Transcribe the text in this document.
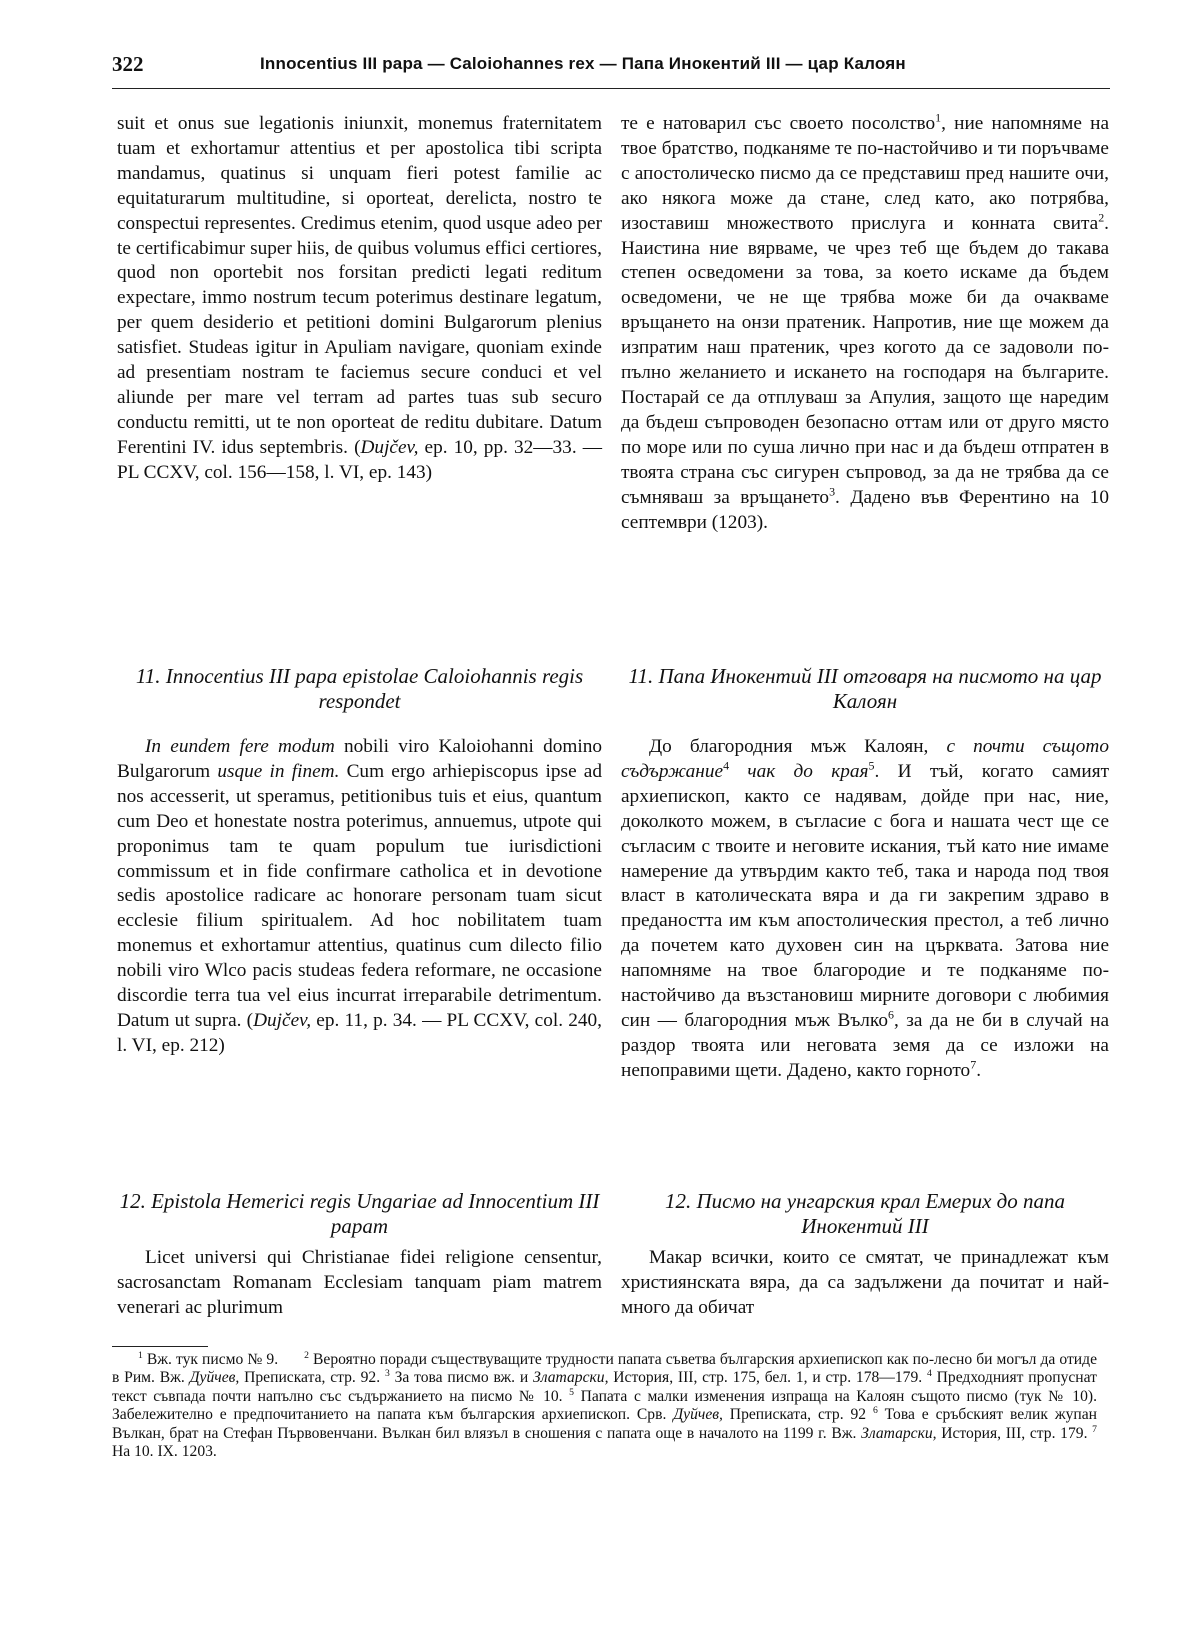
322	Innocentius III papa — Caloiohannes rex — Папа Инокентий III — цар Калоян

suit et onus sue legationis iniunxit, monemus fraternitatem tuam et exhortamur attentius et per apostolica tibi scripta mandamus, quatinus si unquam fieri potest familie ac equitaturarum multitudine, si oporteat, derelicta, nostro te conspectui representes. Credimus etenim, quod usque adeo per te certificabimur super hiis, de quibus volumus effici certiores, quod non oportebit nos forsitan predicti legati reditum expectare, immo nostrum tecum poterimus destinare legatum, per quem desiderio et petitioni domini Bulgarorum plenius satisfiet. Studeas igitur in Apuliam navigare, quoniam exinde ad presentiam nostram te faciemus secure conduci et vel aliunde per mare vel terram ad partes tuas sub securo conductu remitti, ut te non oporteat de reditu dubitare. Datum Ferentini IV. idus septembris. (Dujčev, ep. 10, pp. 32—33. — PL CCXV, col. 156—158, l. VI, ep. 143)

те е натоварил със своето посолство$^1$, ние напомняме на твое братство, подканяме те по-настойчиво и ти поръчваме с апостолическо писмо да се представиш пред нашите очи, ако някога може да стане, след като, ако потрябва, изоставиш множеството прислуга и конната свита$^2$. Наистина ние вярваме, че чрез теб ще бъдем до такава степен осведомени за това, за което искаме да бъдем осведомени, че не ще трябва може би да очакваме връщането на онзи пратеник. Напротив, ние ще можем да изпратим наш пратеник, чрез когото да се задоволи по-пълно желанието и искането на господаря на българите. Постарай се да отплуваш за Апулия, защото ще наредим да бъдеш съпроводен безопасно оттам или от друго място по море или по суша лично при нас и да бъдеш отпратен в твоята страна със сигурен съпровод, за да не трябва да се съмняваш за връщането$^3$. Дадено във Ферентино на 10 септември (1203).

11. Innocentius III papa epistolae Caloiohannis regis respondet
11. Папа Инокентий III отговаря на писмото на цар Калоян

In eundem fere modum nobili viro Kaloiohanni domino Bulgarorum usque in finem. Cum ergo arhiepiscopus ipse ad nos accesserit, ut speramus, petitionibus tuis et eius, quantum cum Deo et honestate nostra poterimus, annuemus, utpote qui proponimus tam te quam populum tue iurisdictioni commissum et in fide confirmare catholica et in devotione sedis apostolice radicare ac honorare personam tuam sicut ecclesie filium spiritualem. Ad hoc nobilitatem tuam monemus et exhortamur attentius, quatinus cum dilecto filio nobili viro Wlco pacis studeas federa reformare, ne occasione discordie terra tua vel eius incurrat irreparabile detrimentum. Datum ut supra. (Dujčev, ep. 11, p. 34. — PL CCXV, col. 240, l. VI, ep. 212)

До благородния мъж Калоян, с почти същото съдържание$^4$ чак до края$^5$. И тъй, когато самият архиепископ, както се надявам, дойде при нас, ние, доколкото можем, в съгласие с бога и нашата чест ще се съгласим с твоите и неговите искания, тъй като ние имаме намерение да утвърдим както теб, така и народа под твоя власт в католическата вяра и да ги закрепим здраво в предаността им към апостолическия престол, а теб лично да почетем като духовен син на църквата. Затова ние напомняме на твое благородие и те подканяме по-настойчиво да възстановиш мирните договори с любимия син — благородния мъж Вълко$^6$, за да не би в случай на раздор твоята или неговата земя да се изложи на непоправими щети. Дадено, както горното$^7$.

12. Epistola Hemerici regis Ungariae ad Innocentium III papam
12. Писмо на унгарския крал Емерих до папа Инокентий III

Licet universi qui Christianae fidei religione censentur, sacrosanctam Romanam Ecclesiam tanquam piam matrem venerari ac plurimum

Макар всички, които се смятат, че принадлежат към християнската вяра, да са задължени да почитат и най-много да обичат

$^1$ Вж. тук писмо № 9.	$^2$ Вероятно поради съществуващите трудности папата съветва българския архиепископ как по-лесно би могъл да отиде в Рим. Вж. Дуйчев, Преписката, стр. 92. $^3$ За това писмо вж. и Златарски, История, III, стр. 175, бел. 1, и стр. 178—179. $^4$ Предходният пропуснат текст съвпада почти напълно със съдържанието на писмо № 10. $^5$ Папата с малки изменения изпраща на Калоян същото писмо (тук № 10). Забележително е предпочитанието на папата към българския архиепископ. Срв. Дуйчев, Преписката, стр. 92 $^6$ Това е сръбският велик жупан Вълкан, брат на Стефан Първовенчани. Вълкан бил влязъл в сношения с папата още в началото на 1199 г. Вж. Златарски, История, III, стр. 179. $^7$ На 10. IX. 1203.
